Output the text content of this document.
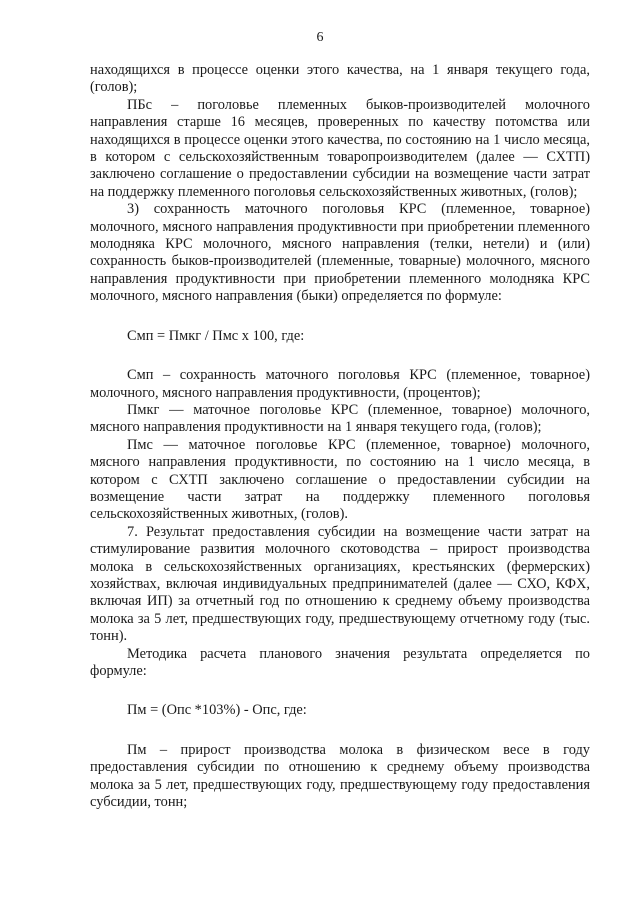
6

находящихся в процессе оценки этого качества, на 1 января текущего года, (голов);

ПБс – поголовье племенных быков-производителей молочного направления старше 16 месяцев, проверенных по качеству потомства или находящихся в процессе оценки этого качества, по состоянию на 1 число месяца, в котором с сельскохозяйственным товаропроизводителем (далее — СХТП) заключено соглашение о предоставлении субсидии на возмещение части затрат на поддержку племенного поголовья сельскохозяйственных животных, (голов);

3) сохранность маточного поголовья КРС (племенное, товарное) молочного, мясного направления продуктивности при приобретении племенного молодняка КРС молочного, мясного направления (телки, нетели) и (или) сохранность быков-производителей (племенные, товарные) молочного, мясного направления продуктивности при приобретении племенного молодняка КРС молочного, мясного направления (быки) определяется по формуле:

Смп = Пмкг / Пмс х 100, где:

Смп – сохранность маточного поголовья КРС (племенное, товарное) молочного, мясного направления продуктивности, (процентов);

Пмкг — маточное поголовье КРС (племенное, товарное) молочного, мясного направления продуктивности на 1 января текущего года, (голов);

Пмс — маточное поголовье КРС (племенное, товарное) молочного, мясного направления продуктивности, по состоянию на 1 число месяца, в котором с СХТП заключено соглашение о предоставлении субсидии на возмещение части затрат на поддержку племенного поголовья сельскохозяйственных животных, (голов).

7. Результат предоставления субсидии на возмещение части затрат на стимулирование развития молочного скотоводства – прирост производства молока в сельскохозяйственных организациях, крестьянских (фермерских) хозяйствах, включая индивидуальных предпринимателей (далее — СХО, КФХ, включая ИП) за отчетный год по отношению к среднему объему производства молока за 5 лет, предшествующих году, предшествующему отчетному году (тыс. тонн).

Методика расчета планового значения результата определяется по формуле:

Пм = (Опс *103%) - Опс, где:

Пм – прирост производства молока в физическом весе в году предоставления субсидии по отношению к среднему объему производства молока за 5 лет, предшествующих году, предшествующему году предоставления субсидии, тонн;
